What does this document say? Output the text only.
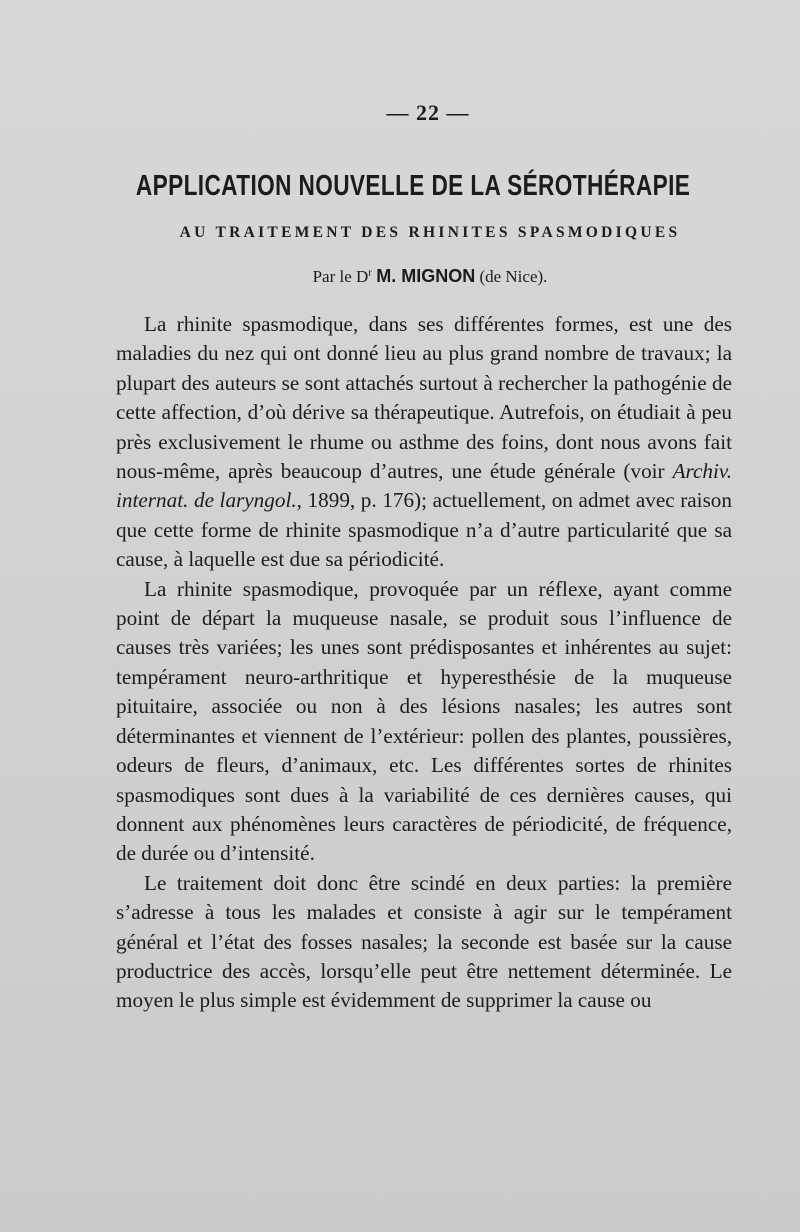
— 22 —
APPLICATION NOUVELLE DE LA SÉROTHÉRAPIE
AU TRAITEMENT DES RHINITES SPASMODIQUES
Par le $D^r$ M. MIGNON (de Nice).

La rhinite spasmodique, dans ses différentes formes, est une des maladies du nez qui ont donné lieu au plus grand nombre de travaux; la plupart des auteurs se sont attachés surtout à rechercher la pathogénie de cette affection, d’où dérive sa thérapeutique. Autrefois, on étudiait à peu près exclusivement le rhume ou asthme des foins, dont nous avons fait nous-même, après beaucoup d’autres, une étude générale (voir Archiv. internat. de laryngol., 1899, p. 176); actuellement, on admet avec raison que cette forme de rhinite spasmodique n’a d’autre particularité que sa cause, à laquelle est due sa périodicité.

La rhinite spasmodique, provoquée par un réflexe, ayant comme point de départ la muqueuse nasale, se produit sous l’influence de causes très variées; les unes sont prédisposantes et inhérentes au sujet: tempérament neuro-arthritique et hyperesthésie de la muqueuse pituitaire, associée ou non à des lésions nasales; les autres sont déterminantes et viennent de l’extérieur: pollen des plantes, poussières, odeurs de fleurs, d’animaux, etc. Les différentes sortes de rhinites spasmodiques sont dues à la variabilité de ces dernières causes, qui donnent aux phénomènes leurs caractères de périodicité, de fréquence, de durée ou d’intensité.

Le traitement doit donc être scindé en deux parties: la première s’adresse à tous les malades et consiste à agir sur le tempérament général et l’état des fosses nasales; la seconde est basée sur la cause productrice des accès, lorsqu’elle peut être nettement déterminée. Le moyen le plus simple est évidemment de supprimer la cause ou
